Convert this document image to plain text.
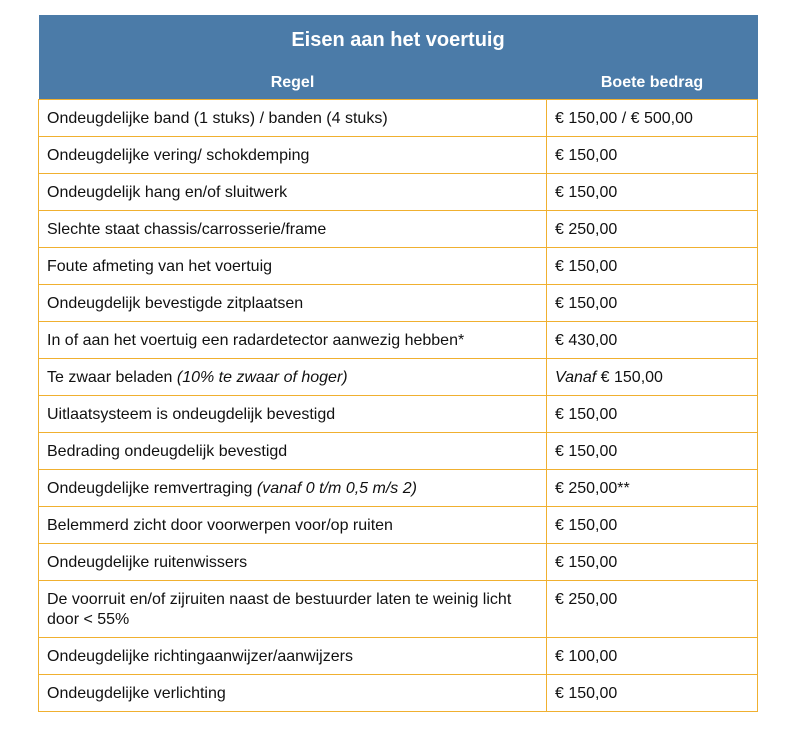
Eisen aan het voertuig	
Regel	Boete bedrag
Ondeugdelijke band (1 stuks) / banden (4 stuks)	€ 150,00 / € 500,00
Ondeugdelijke vering/ schokdemping	€ 150,00
Ondeugdelijk hang en/of sluitwerk	€ 150,00
Slechte staat chassis/carrosserie/frame	€ 250,00
Foute afmeting van het voertuig	€ 150,00
Ondeugdelijk bevestigde zitplaatsen	€ 150,00
In of aan het voertuig een radardetector aanwezig hebben*	€ 430,00
Te zwaar beladen (10% te zwaar of hoger)	Vanaf € 150,00
Uitlaatsysteem is ondeugdelijk bevestigd	€ 150,00
Bedrading ondeugdelijk bevestigd	€ 150,00
Ondeugdelijke remvertraging (vanaf 0 t/m 0,5 m/s 2)	€ 250,00**
Belemmerd zicht door voorwerpen voor/op ruiten	€ 150,00
Ondeugdelijke ruitenwissers	€ 150,00
De voorruit en/of zijruiten naast de bestuurder laten te weinig licht door < 55%	€ 250,00
Ondeugdelijke richtingaanwijzer/aanwijzers	€ 100,00
Ondeugdelijke verlichting	€ 150,00
